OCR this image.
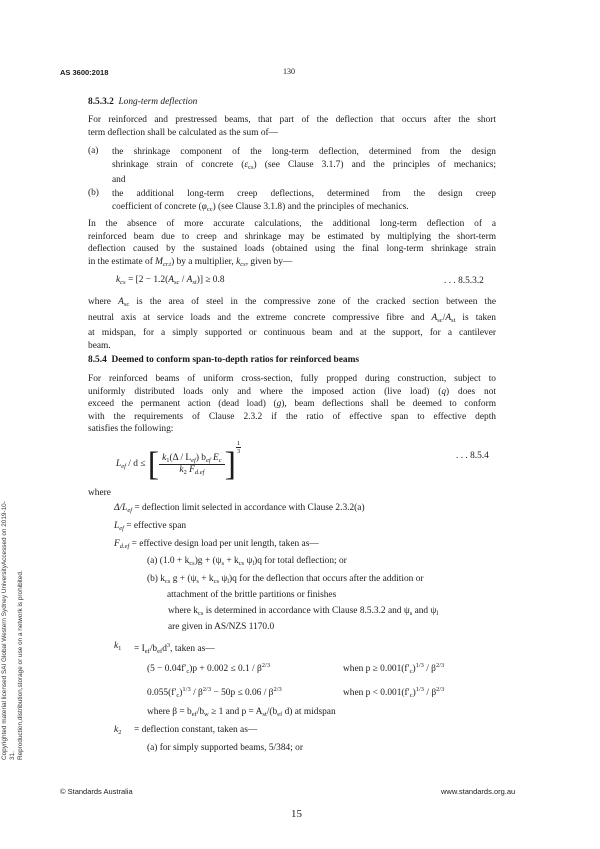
AS 3600:2018	130
Copyrighted material licensed SAI Global Western Sydney UniversityAccessed on 2019-10-31. Reproduction,distribution,storage or use on a network is prohibited.
8.5.3.2 Long-term deflection
For reinforced and prestressed beams, that part of the deflection that occurs after the short
term deflection shall be calculated as the sum of—
(a) the shrinkage component of the long-term deflection, determined from the design
shrinkage strain of concrete $(\varepsilon_{cs})$ (see Clause 3.1.7) and the principles of mechanics;
and
(b) the additional long-term creep deflections, determined from the design creep
coefficient of concrete $(\varphi_{cc})$ (see Clause 3.1.8) and the principles of mechanics.
In the absence of more accurate calculations, the additional long-term deflection of a
reinforced beam due to creep and shrinkage may be estimated by multiplying the short-term
deflection caused by the sustained loads (obtained using the final long-term shrinkage strain
in the estimate of $M_{cr.t}$) by a multiplier, $k_{cs}$, given by—
$k_{cs} = [2 - 1.2(A_{sc} / A_{st})] \ge 0.8$	. . . 8.5.3.2
where $A_{sc}$ is the area of steel in the compressive zone of the cracked section between the
neutral axis at service loads and the extreme concrete compressive fibre and $A_{sc}/A_{st}$ is taken
at midspan, for a simply supported or continuous beam and at the support, for a cantilever
beam.
8.5.4 Deemed to conform span-to-depth ratios for reinforced beams
For reinforced beams of uniform cross-section, fully propped during construction, subject to
uniformly distributed loads only and where the imposed action (live load) (q) does not
exceed the permanent action (dead load) (g), beam deflections shall be deemed to conform
with the requirements of Clause 2.3.2 if the ratio of effective span to effective depth
satisfies the following:
$L_{ef}$ / d ≤ [ $\frac{k_1(\Delta / L_{ef}) b_{ef} E_c}{k_2 F_{d.ef}}$ ] $\frac{1}{3}$
. . . 8.5.4
where
$\Delta/L_{ef}$ = deflection limit selected in accordance with Clause 2.3.2(a)
$L_{ef}$ = effective span
$F_{d.ef}$ = effective design load per unit length, taken as—
(a) $(1.0 + k_{cs})g + (\psi_s + k_{cs}$ $\psi_l)q$ for total deflection; or
(b) $k_{cs}$ $g + (\psi_s + k_{cs}$ $\psi_l)q$ for the deflection that occurs after the addition or
attachment of the brittle partitions or finishes
where $k_{cs}$ is determined in accordance with Clause 8.5.3.2 and $\psi_s$ and $\psi_l$
are given in AS/NZS 1170.0
$k_1 = I_{ef}/b_{ef}d^3$, taken as—
$(5 - 0.04f'_c)p + 0.002 \le 0.1 / \beta^{2/3}$	when $p \ge 0.001(f'_c)^{1/3} / \beta^{2/3}$
$0.055(f'_c)^{1/3} / \beta^{2/3} - 50p \le 0.06 / \beta^{2/3}$	when $p < 0.001(f'_c)^{1/3} / \beta^{2/3}$
where $\beta = b_{ef}/b_w \ge 1$ and $p = A_{st}/(b_{ef}$ d) at midspan
$k_2$ = deflection constant, taken as—
(a) for simply supported beams, 5/384; or
© Standards Australia	www.standards.org.au
15
